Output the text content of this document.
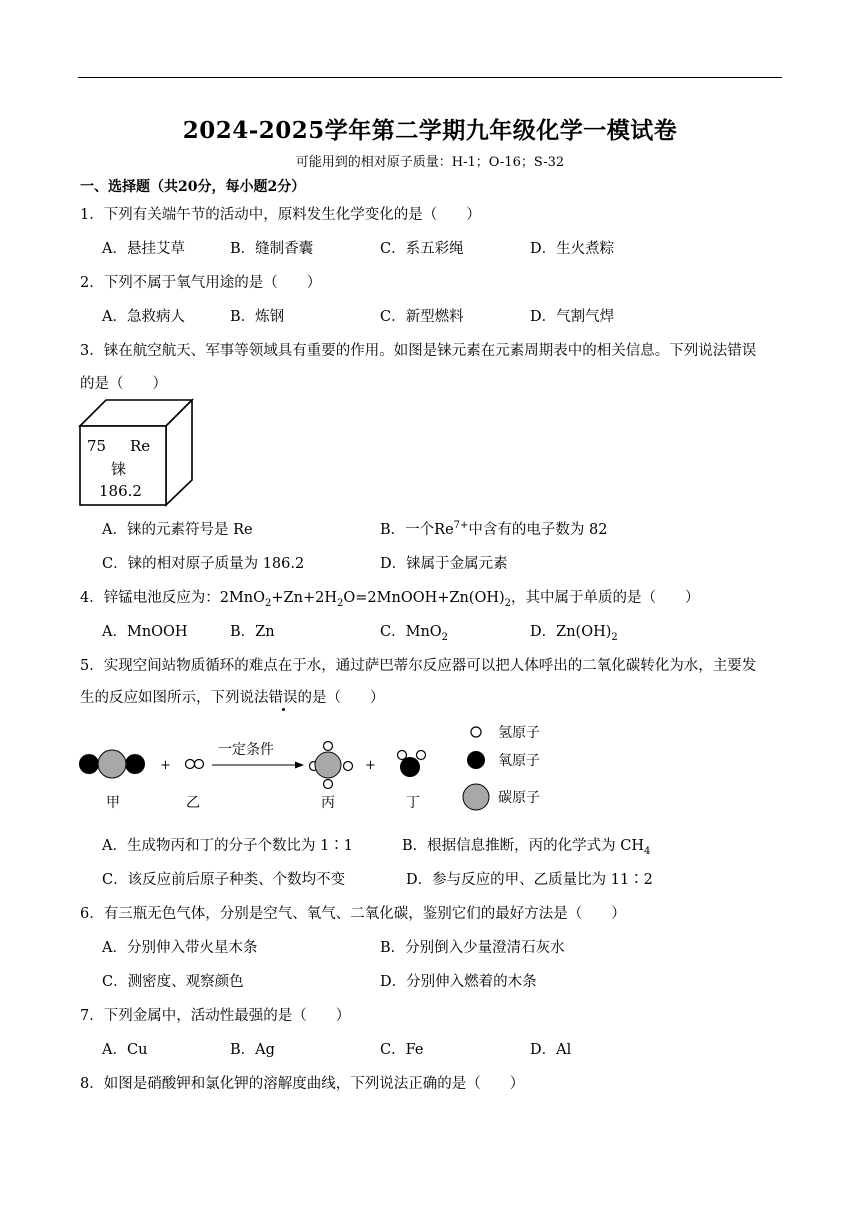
2024-2025学年第二学期九年级化学一模试卷
可能用到的相对原子质量：H-1；O-16；S-32
一、选择题（共20分，每小题2分）
1．下列有关端午节的活动中，原料发生化学变化的是（　　）
A．悬挂艾草	B．缝制香囊	C．系五彩绳	D．生火煮粽
2．下列不属于氧气用途的是（　　）
A．急救病人	B．炼钢	C．新型燃料	D．气割气焊
3．铼在航空航天、军事等领域具有重要的作用。如图是铼元素在元素周期表中的相关信息。下列说法错误
的是（　　）
75 Re
铼
186.2
A．铼的元素符号是 Re	B．一个$Re^{7+}$中含有的电子数为 82
C．铼的相对原子质量为 186.2	D．铼属于金属元素
4．锌锰电池反应为：$2MnO_2+Zn+2H_2O=2MnOOH+Zn(OH)_2$，其中属于单质的是（　　）
A．MnOOH	B．Zn	C．MnO$_2$	D．$Zn(OH)_2$
5．实现空间站物质循环的难点在于水，通过萨巴蒂尔反应器可以把人体呼出的二氧化碳转化为水，主要发
生的反应如图所示，下列说法错误的是（　　）
+
一定条件
+
甲	乙	丙	丁
氢原子
氧原子
碳原子
A．生成物丙和丁的分子个数比为 1∶1	B．根据信息推断，丙的化学式为 $CH_4$
C．该反应前后原子种类、个数均不变	D．参与反应的甲、乙质量比为 11∶2
6．有三瓶无色气体，分别是空气、氧气、二氧化碳，鉴别它们的最好方法是（　　）
A．分别伸入带火星木条	B．分别倒入少量澄清石灰水
C．测密度、观察颜色	D．分别伸入燃着的木条
7．下列金属中，活动性最强的是（　　）
A．Cu	B．Ag	C．Fe	D．Al
8．如图是硝酸钾和氯化钾的溶解度曲线，下列说法正确的是（　　）
